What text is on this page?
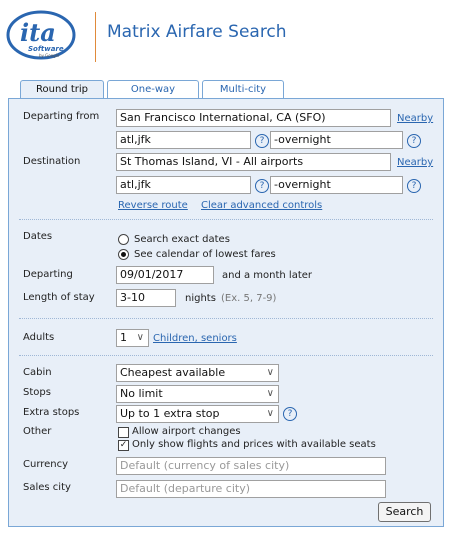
ita
Software
by Google
Matrix Airfare Search
Round trip	One-way	Multi-city
Departing from	San Francisco International, CA (SFO)	Nearby
atl,jfk	? -overnight	?
Destination	St Thomas Island, VI - All airports	Nearby
atl,jfk	? -overnight	?
Reverse route Clear advanced controls
Dates	Search exact dates
See calendar of lowest fares
Departing	09/01/2017	and a month later
Length of stay	3-10	nights (Ex. 5, 7-9)
Adults	1 ∨ Children, seniors
Cabin	Cheapest available	∨
Stops	No limit	∨
Extra stops	Up to 1 extra stop	∨	?
Other	Allow airport changes
✓ Only show flights and prices with available seats
Currency	Default (currency of sales city)
Sales city	Default (departure city)
Search
